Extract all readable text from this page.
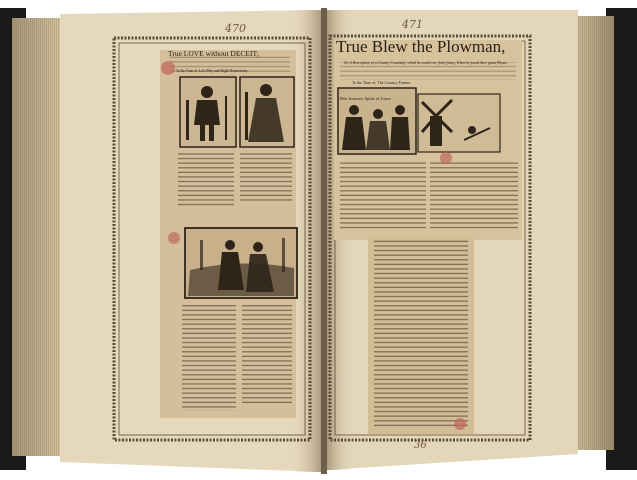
470	471
True LOVE without DECEIT;
To the Tune of, Let's Pitty and Slight Neuerwister.
True Blew the Plowman,
Or, A Description of a Country Courtship; which he could ever finely fancy, When he found there guine Physic.
To the Tune of, The Country Farmer.
Ben Jonson's Spirit of Jonce
36
